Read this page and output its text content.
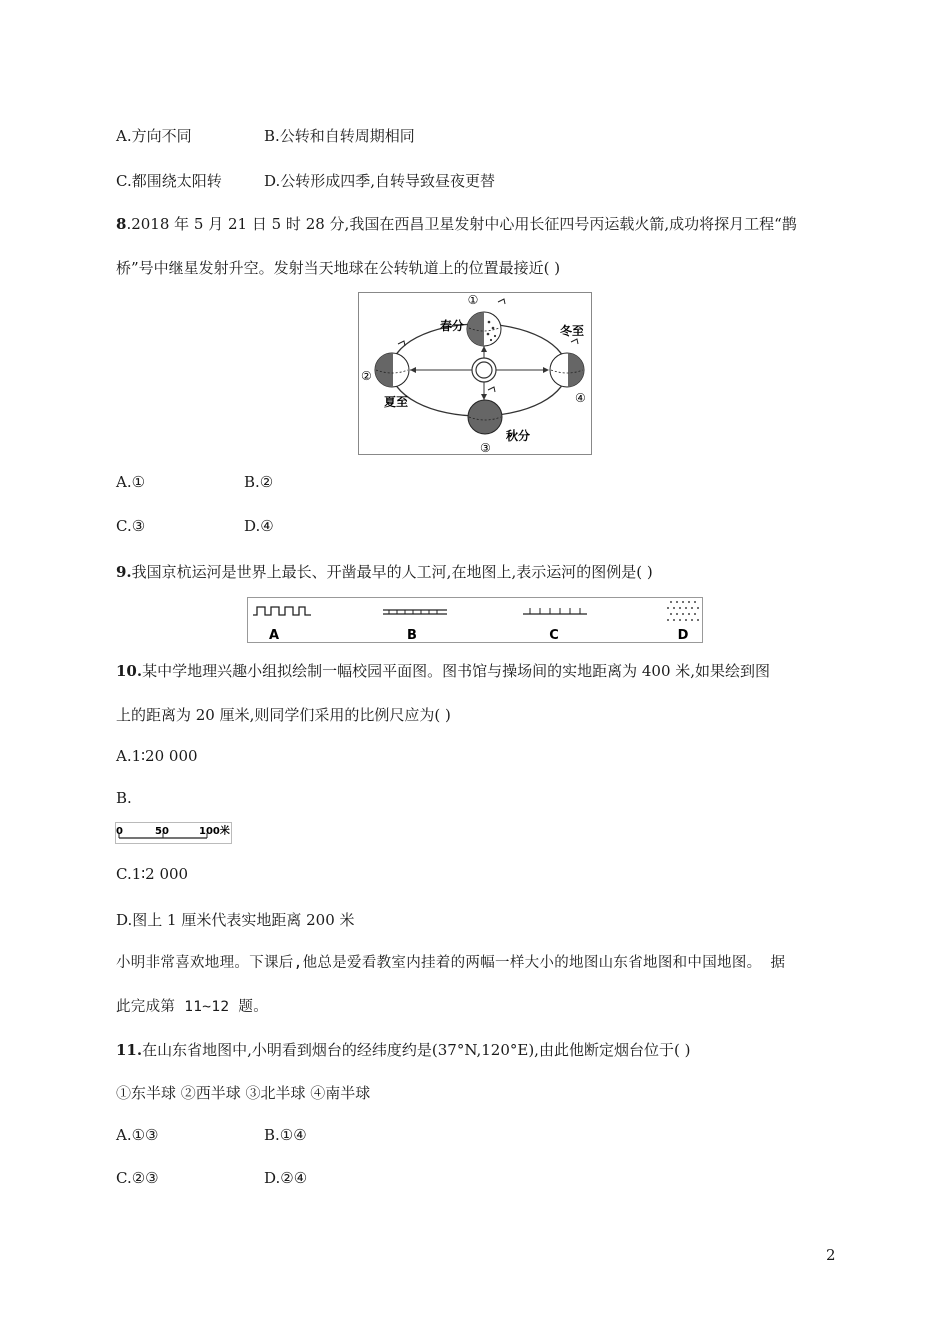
A.方向不同	B.公转和自转周期相同
C.都围绕太阳转	D.公转形成四季,自转导致昼夜更替
8.2018 年 5 月 21 日 5 时 28 分,我国在西昌卫星发射中心用长征四号丙运载火箭,成功将探月工程“鹊
桥”号中继星发射升空。发射当天地球在公转轨道上的位置最接近( )
①
春分
②
夏至
秋分
③
冬至
④
A.①	B.②
C.③	D.④
9.我国京杭运河是世界上最长、开凿最早的人工河,在地图上,表示运河的图例是( )
A	B	C	D
10.某中学地理兴趣小组拟绘制一幅校园平面图。图书馆与操场间的实地距离为 400 米,如果绘到图
上的距离为 20 厘米,则同学们采用的比例尺应为( )
A.1∶20 000
B.
0	50	100米
C.1∶2 000
D.图上 1 厘米代表实地距离 200 米
小明非常喜欢地理。下课后,他总是爱看教室内挂着的两幅一样大小的地图山东省地图和中国地图。 据
此完成第 11~12 题。
11.在山东省地图中,小明看到烟台的经纬度约是(37°N,120°E),由此他断定烟台位于( )
①东半球 ②西半球 ③北半球 ④南半球
A.①③	B.①④
C.②③	D.②④
2
